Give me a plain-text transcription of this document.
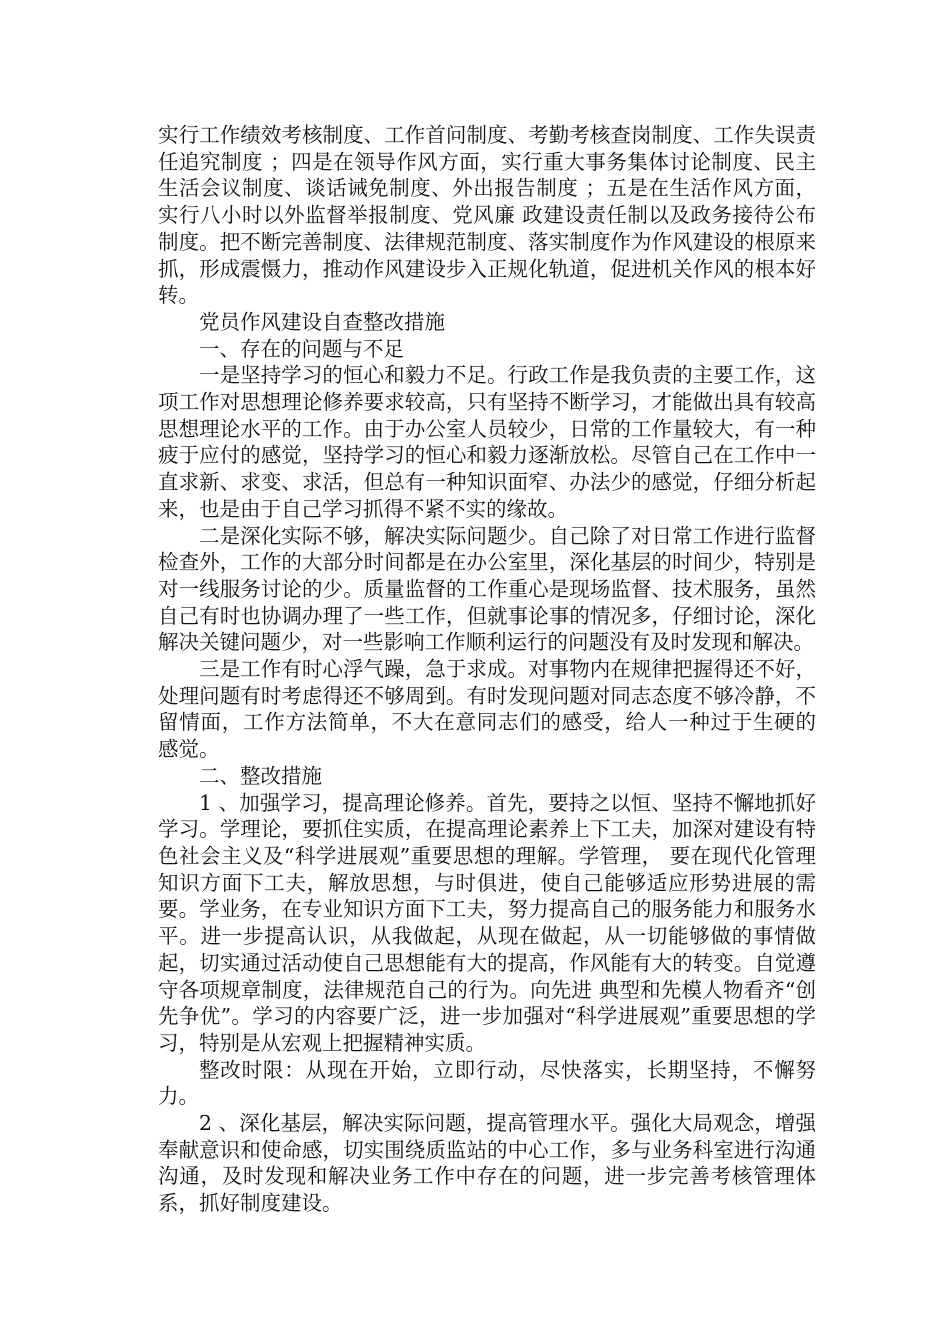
实行工作绩效考核制度、工作首问制度、考勤考核查岗制度、工作失误责任追究制度 ；四是在领导作风方面，实行重大事务集体讨论制度、民主生活会议制度、谈话诫免制度、外出报告制度 ；五是在生活作风方面，实行八小时以外监督举报制度、党风廉 政建设责任制以及政务接待公布制度。把不断完善制度、法律规范制度、落实制度作为作风建设的根原来抓，形成震慑力，推动作风建设步入正规化轨道，促进机关作风的根本好转。

党员作风建设自查整改措施

一、存在的问题与不足

一是坚持学习的恒心和毅力不足。行政工作是我负责的主要工作，这项工作对思想理论修养要求较高，只有坚持不断学习，才能做出具有较高思想理论水平的工作。由于办公室人员较少，日常的工作量较大，有一种疲于应付的感觉，坚持学习的恒心和毅力逐渐放松。尽管自己在工作中一直求新、求变、求活，但总有一种知识面窄、办法少的感觉，仔细分析起来，也是由于自己学习抓得不紧不实的缘故。

二是深化实际不够，解决实际问题少。自己除了对日常工作进行监督检查外，工作的大部分时间都是在办公室里，深化基层的时间少，特别是对一线服务讨论的少。质量监督的工作重心是现场监督、技术服务，虽然自己有时也协调办理了一些工作，但就事论事的情况多，仔细讨论，深化解决关键问题少，对一些影响工作顺利运行的问题没有及时发现和解决。

三是工作有时心浮气躁，急于求成。对事物内在规律把握得还不好，处理问题有时考虑得还不够周到。有时发现问题对同志态度不够冷静，不留情面，工作方法简单，不大在意同志们的感受，给人一种过于生硬的 感觉。

二、整改措施

1 、加强学习，提高理论修养。首先，要持之以恒、坚持不懈地抓好学习。学理论，要抓住实质，在提高理论素养上下工夫，加深对建设有特色社会主义及“科学进展观”重要思想的理解。学管理， 要在现代化管理知识方面下工夫，解放思想，与时俱进，使自己能够适应形势进展的需要。学业务，在专业知识方面下工夫，努力提高自己的服务能力和服务水平。进一步提高认识，从我做起，从现在做起，从一切能够做的事情做起，切实通过活动使自己思想能有大的提高，作风能有大的转变。自觉遵守各项规章制度，法律规范自己的行为。向先进 典型和先模人物看齐“创先争优”。学习的内容要广泛，进一步加强对“科学进展观”重要思想的学习，特别是从宏观上把握精神实质。

整改时限：从现在开始，立即行动，尽快落实，长期坚持，不懈努力。

2 、深化基层，解决实际问题，提高管理水平。强化大局观念，增强奉献意识和使命感，切实围绕质监站的中心工作，多与业务科室进行沟通沟通，及时发现和解决业务工作中存在的问题，进一步完善考核管理体系，抓好制度建设。
